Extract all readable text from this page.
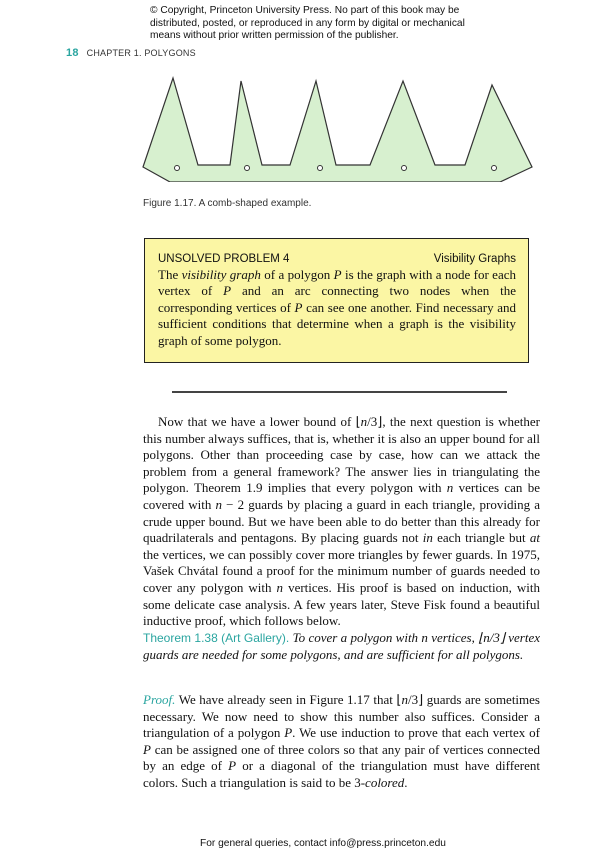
© Copyright, Princeton University Press. No part of this book may be distributed, posted, or reproduced in any form by digital or mechanical means without prior written permission of the publisher.
18 CHAPTER 1. POLYGONS
Figure 1.17. A comb-shaped example.
UNSOLVED PROBLEM 4	Visibility Graphs

The visibility graph of a polygon P is the graph with a node for each vertex of P and an arc connecting two nodes when the corresponding vertices of P can see one another. Find necessary and sufficient conditions that determine when a graph is the visibility graph of some polygon.

Now that we have a lower bound of ⌊n/3⌋, the next question is whether this number always suffices, that is, whether it is also an upper bound for all polygons. Other than proceeding case by case, how can we attack the problem from a general framework? The answer lies in triangulating the polygon. Theorem 1.9 implies that every polygon with n vertices can be covered with n − 2 guards by placing a guard in each triangle, providing a crude upper bound. But we have been able to do better than this already for quadrilaterals and pentagons. By placing guards not in each triangle but at the vertices, we can possibly cover more triangles by fewer guards. In 1975, Vašek Chvátal found a proof for the minimum number of guards needed to cover any polygon with n vertices. His proof is based on induction, with some delicate case analysis. A few years later, Steve Fisk found a beautiful inductive proof, which follows below.

Theorem 1.38 (Art Gallery). To cover a polygon with n vertices, ⌊n/3⌋ vertex guards are needed for some polygons, and are sufficient for all polygons.

Proof. We have already seen in Figure 1.17 that ⌊n/3⌋ guards are sometimes necessary. We now need to show this number also suffices. Consider a triangulation of a polygon P. We use induction to prove that each vertex of P can be assigned one of three colors so that any pair of vertices connected by an edge of P or a diagonal of the triangulation must have different colors. Such a triangulation is said to be 3-colored.

For general queries, contact info@press.princeton.edu
